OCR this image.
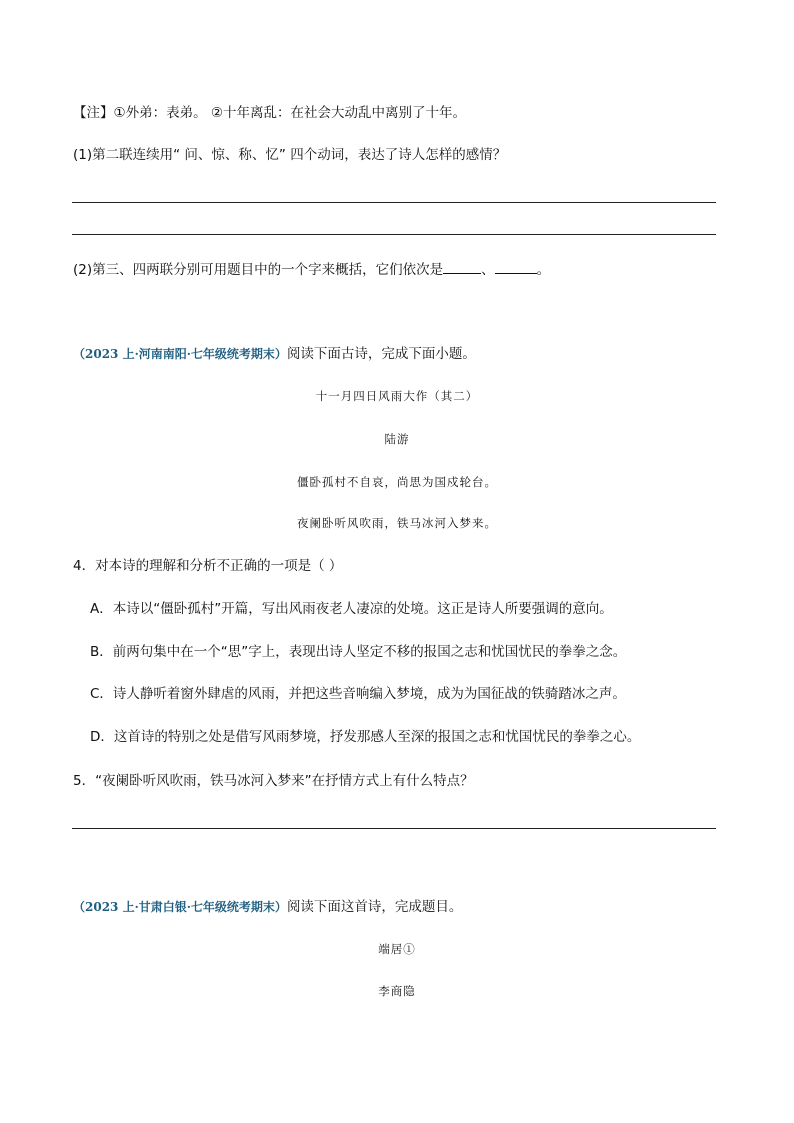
【注】①外弟：表弟。 ②十年离乱：在社会大动乱中离别了十年。
(1)第二联连续用“ 问、惊、称、忆” 四个动词，表达了诗人怎样的感情？
(2)第三、四两联分别可用题目中的一个字来概括，它们依次是	、	。
（2023 上·河南南阳·七年级统考期末）阅读下面古诗，完成下面小题。
十一月四日风雨大作（其二）
陆游
僵卧孤村不自哀，尚思为国戍轮台。
夜阑卧听风吹雨，铁马冰河入梦来。
4．对本诗的理解和分析不正确的一项是（ ）
A．本诗以“僵卧孤村”开篇，写出风雨夜老人凄凉的处境。这正是诗人所要强调的意向。
B．前两句集中在一个“思”字上，表现出诗人坚定不移的报国之志和忧国忧民的拳拳之念。
C．诗人静听着窗外肆虐的风雨，并把这些音响编入梦境，成为为国征战的铁骑踏冰之声。
D．这首诗的特别之处是借写风雨梦境，抒发那感人至深的报国之志和忧国忧民的拳拳之心。
5．“夜阑卧听风吹雨，铁马冰河入梦来”在抒情方式上有什么特点？
（2023 上·甘肃白银·七年级统考期末）阅读下面这首诗，完成题目。
端居①
李商隐
